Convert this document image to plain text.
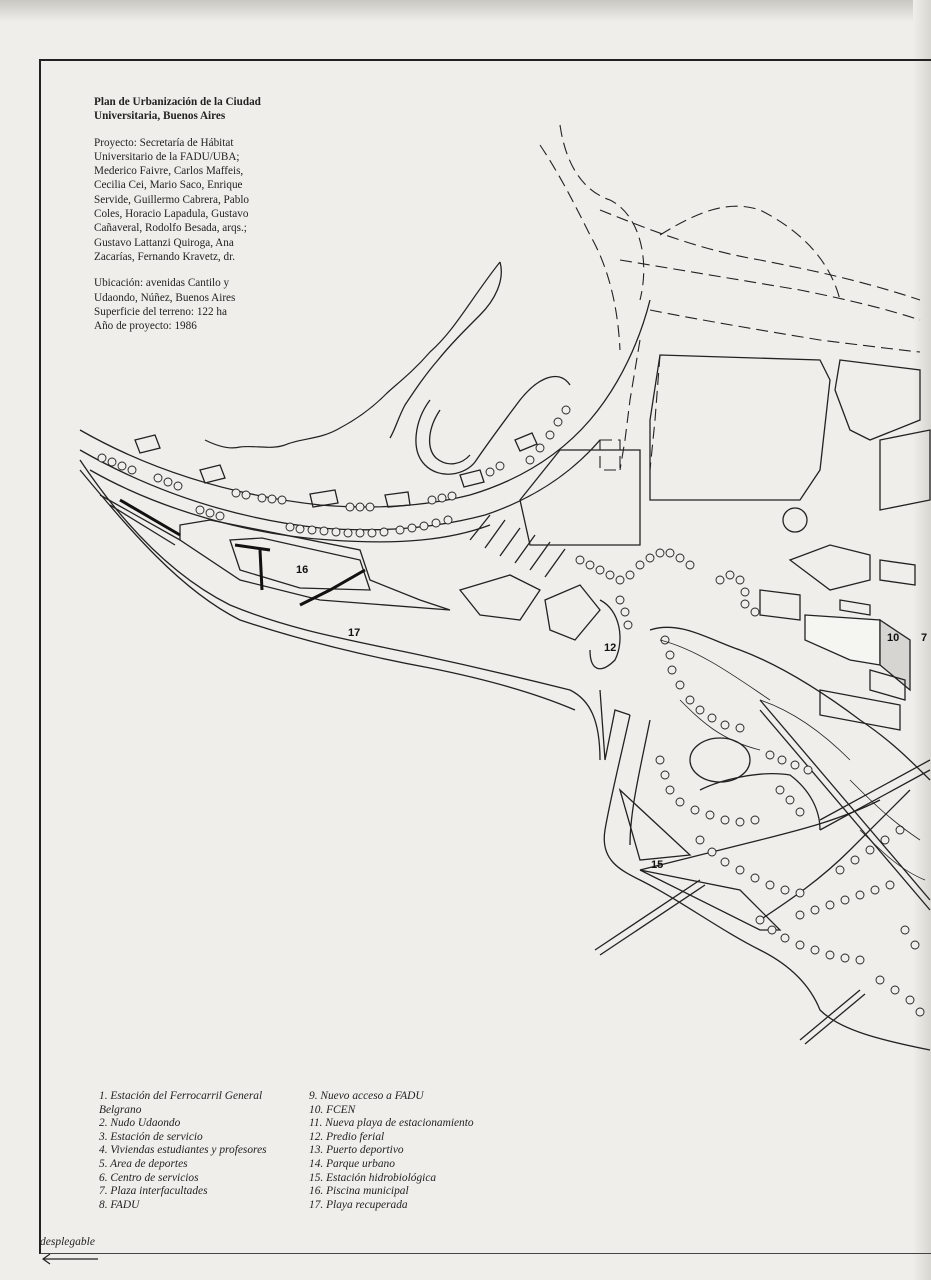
Plan de Urbanización de la Ciudad
Universitaria, Buenos Aires
Proyecto: Secretaría de Hábitat
Universitario de la FADU/UBA;
Mederico Faivre, Carlos Maffeis,
Cecilia Cei, Mario Saco, Enrique
Servide, Guillermo Cabrera, Pablo
Coles, Horacio Lapadula, Gustavo
Cañaveral, Rodolfo Besada, arqs.;
Gustavo Lattanzi Quiroga, Ana
Zacarías, Fernando Kravetz, dr.
Ubicación: avenidas Cantilo y
Udaondo, Núñez, Buenos Aires
Superficie del terreno: 122 ha
Año de proyecto: 1986
16
17
12
10 7
15
1. Estación del Ferrocarril General
Belgrano
2. Nudo Udaondo
3. Estación de servicio
4. Viviendas estudiantes y profesores
5. Area de deportes
6. Centro de servicios
7. Plaza interfacultades
8. FADU
9. Nuevo acceso a FADU
10. FCEN
11. Nueva playa de estacionamiento
12. Predio ferial
13. Puerto deportivo
14. Parque urbano
15. Estación hidrobiológica
16. Piscina municipal
17. Playa recuperada
desplegable
